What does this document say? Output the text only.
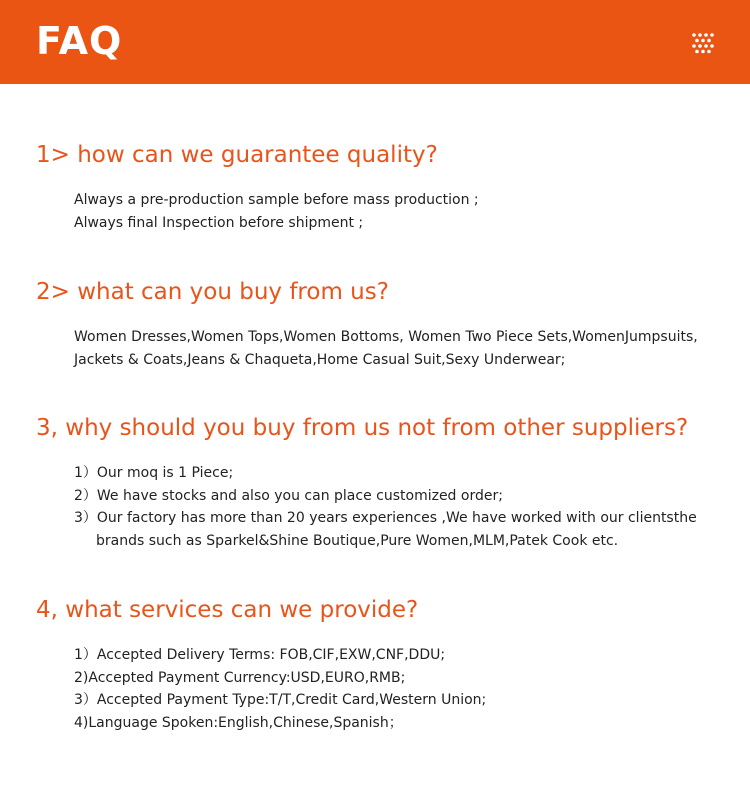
FAQ
1> how can we guarantee quality?
Always a pre-production sample before mass production ;
Always final Inspection before shipment ;
2> what can you buy from us?
Women Dresses,Women Tops,Women Bottoms, Women Two Piece Sets,WomenJumpsuits,
Jackets & Coats,Jeans & Chaqueta,Home Casual Suit,Sexy Underwear;
3, why should you buy from us not from other suppliers?
1）Our moq is 1 Piece;
2）We have stocks and also you can place customized order;
3）Our factory has more than 20 years experiences ,We have worked with our clientsthe
brands such as Sparkel&Shine Boutique,Pure Women,MLM,Patek Cook etc.
4, what services can we provide?
1）Accepted Delivery Terms: FOB,CIF,EXW,CNF,DDU;
2)Accepted Payment Currency:USD,EURO,RMB;
3）Accepted Payment Type:T/T,Credit Card,Western Union;
4)Language Spoken:English,Chinese,Spanish；
